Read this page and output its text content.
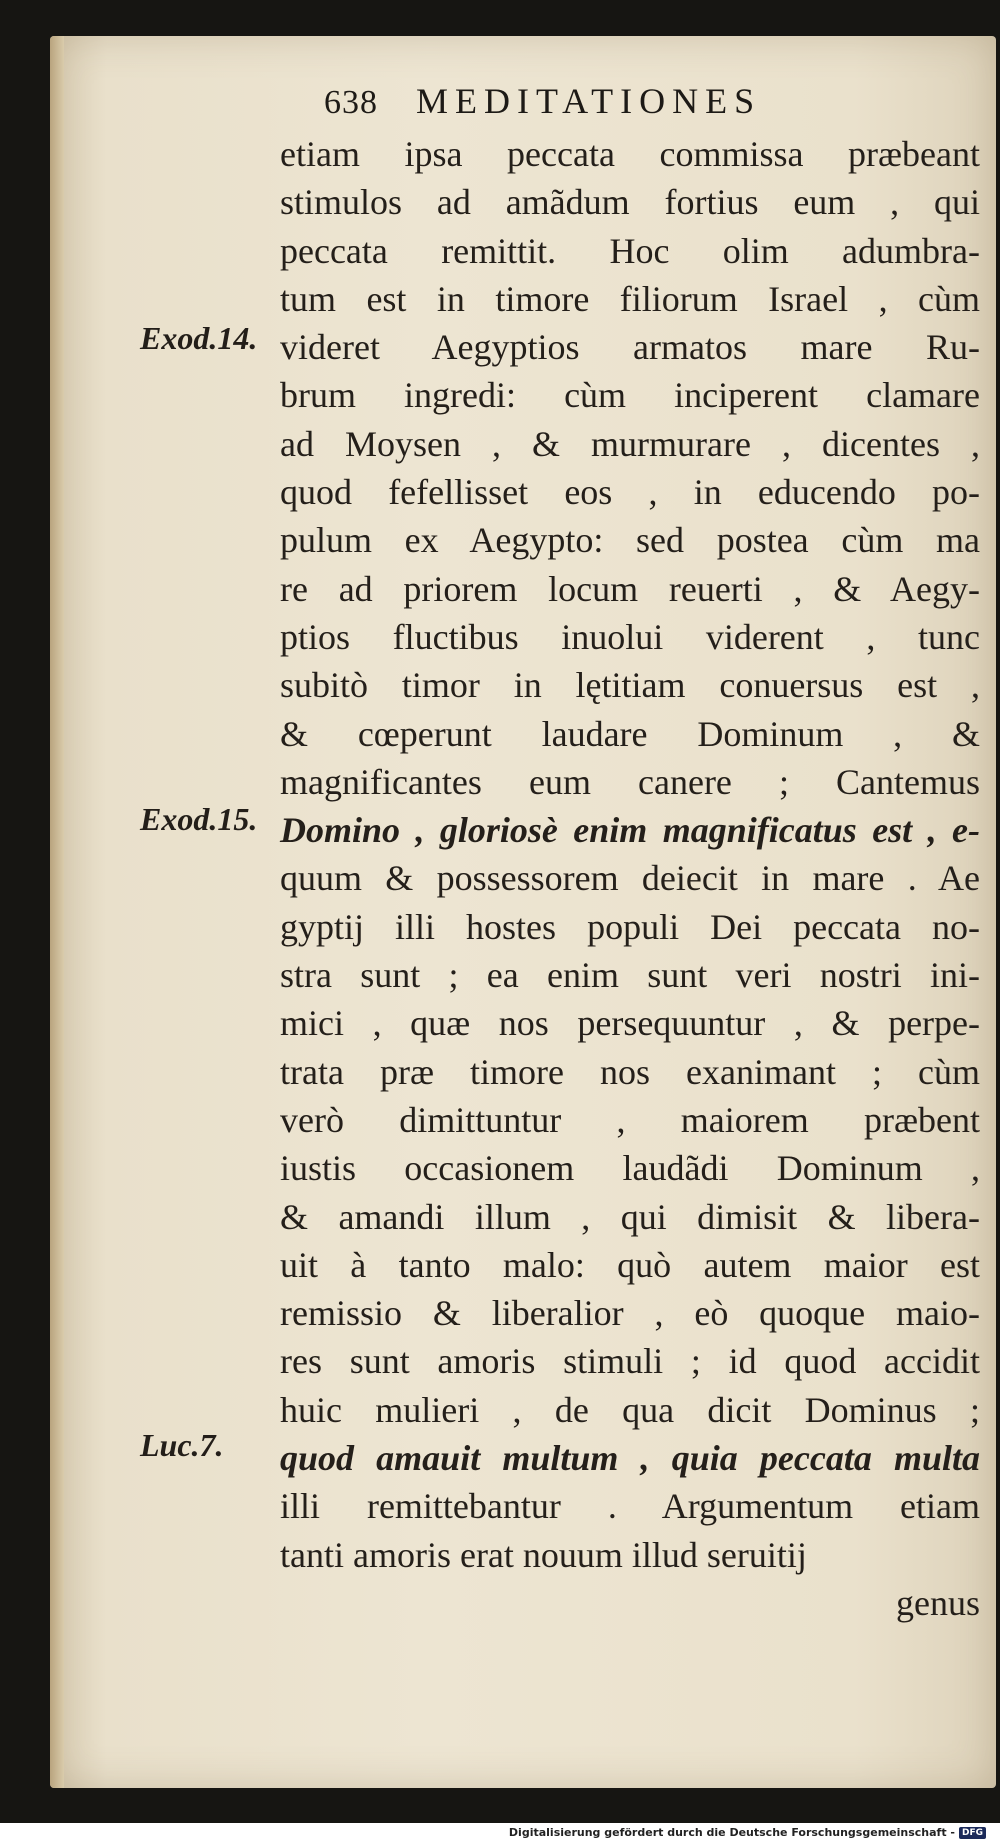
638 MEDITATIONES
etiam ipsa peccata commissa præbeant
stimulos ad amãdum fortius eum , qui
peccata remittit. Hoc olim adumbra-
tum est in timore filiorum Israel , cùm
videret Aegyptios armatos mare Ru-
brum ingredi: cùm inciperent clamare
ad Moysen , & murmurare , dicentes ,
quod fefellisset eos , in educendo po-
pulum ex Aegypto: sed postea cùm ma
re ad priorem locum reuerti , & Aegy-
ptios fluctibus inuolui viderent , tunc
subitò timor in lętitiam conuersus est ,
& cœperunt laudare Dominum , &
magnificantes eum canere ; Cantemus
Domino , gloriosè enim magnificatus est , e-
quum & possessorem deiecit in mare . Ae
gyptij illi hostes populi Dei peccata no-
stra sunt ; ea enim sunt veri nostri ini-
mici , quæ nos persequuntur , & perpe-
trata præ timore nos exanimant ; cùm
verò dimittuntur , maiorem præbent
iustis occasionem laudãdi Dominum ,
& amandi illum , qui dimisit & libera-
uit à tanto malo: quò autem maior est
remissio & liberalior , eò quoque maio-
res sunt amoris stimuli ; id quod accidit
huic mulieri , de qua dicit Dominus ;
quod amauit multum , quia peccata multa
illi remittebantur . Argumentum etiam
tanti amoris erat nouum illud seruitij
genus
Exod.14.
Exod.15.
Luc.7.
Digitalisierung gefördert durch die Deutsche Forschungsgemeinschaft - DFG
